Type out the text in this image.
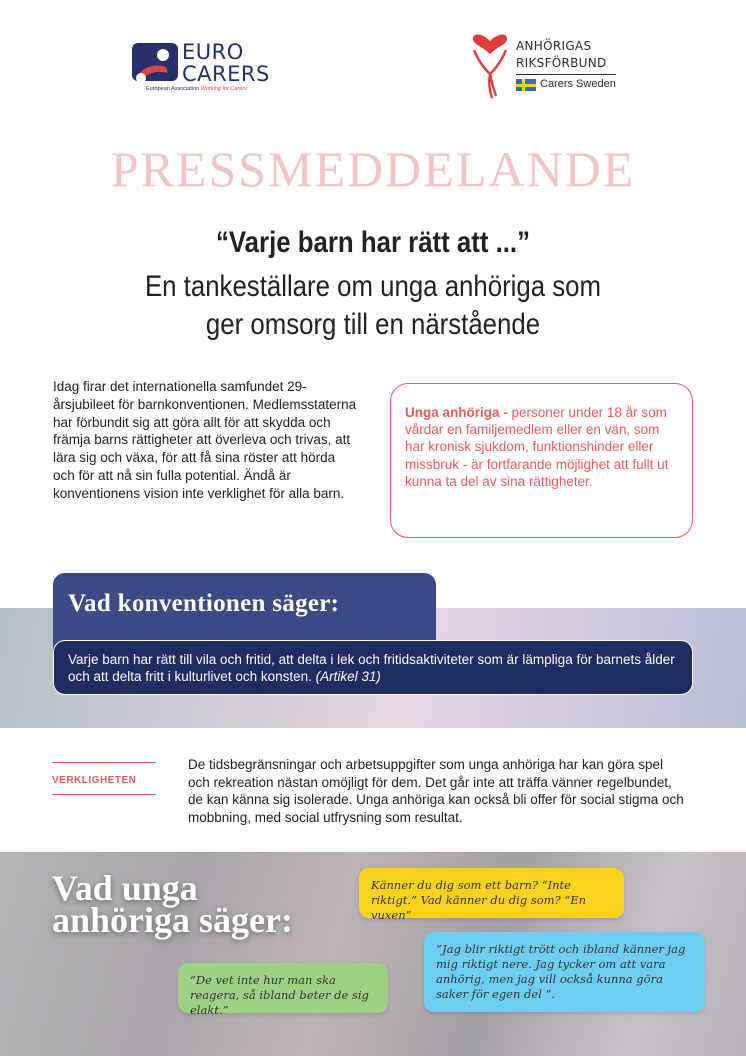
EURO
CARERS
European Association Working for Carers
ANHÖRIGAS
RIKSFÖRBUND
Carers Sweden
PRESSMEDDELANDE
“Varje barn har rätt att ...”
En tankeställare om unga anhöriga som
ger omsorg till en närstående

Idag firar det internationella samfundet 29-årsjubileet för barnkonventionen. Medlemsstaterna har förbundit sig att göra allt för att skydda och främja barns rättigheter att överleva och trivas, att lära sig och växa, för att få sina röster att hörda och för att nå sin fulla potential. Ändå är konventionens vision inte verklighet för alla barn.

Unga anhöriga - personer under 18 år som vårdar en familjemedlem eller en vän, som har kronisk sjukdom, funktionshinder eller missbruk - är fortfarande möjlighet att fullt ut kunna ta del av sina rättigheter.
Vad konventionen säger:
Varje barn har rätt till vila och fritid, att delta i lek och fritidsaktiviteter som är lämpliga för barnets ålder och att delta fritt i kulturlivet och konsten. (Artikel 31)
VERKLIGHETEN

De tidsbegränsningar och arbetsuppgifter som unga anhöriga har kan göra spel och rekreation nästan omöjligt för dem. Det går inte att träffa vänner regelbundet, de kan känna sig isolerade. Unga anhöriga kan också bli offer för social stigma och mobbning, med social utfrysning som resultat.

Vad unga
anhöriga säger:
Känner du dig som ett barn? “Inte riktigt.” Vad känner du dig som? “En vuxen”
“Jag blir riktigt trött och ibland känner jag mig riktigt nere. Jag tycker om att vara anhörig, men jag vill också kunna göra saker för egen del ”.
“De vet inte hur man ska reagera, så ibland beter de sig elakt.”
